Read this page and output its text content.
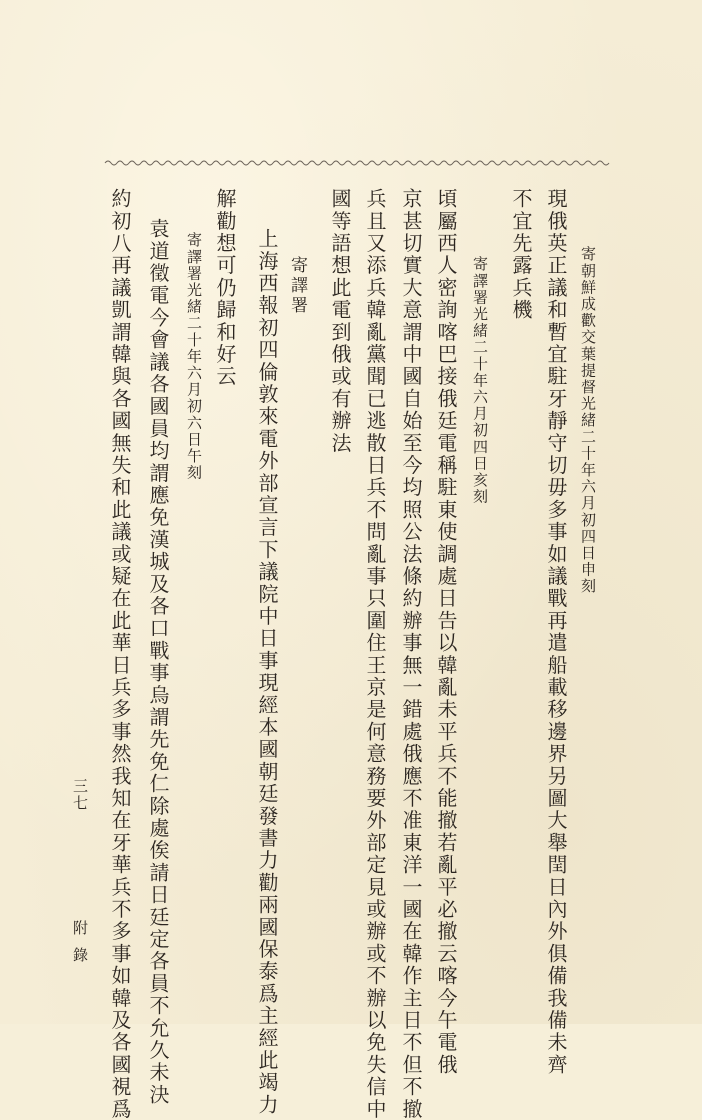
寄朝鮮成歡交葉提督光緒二十年六月初四日申刻
現俄英正議和暫宜駐牙靜守切毋多事如議戰再遣船載移邊界另圖大舉閏日內外俱備我備未齊
不宜先露兵機
寄譯署光緒二十年六月初四日亥刻
頃屬西人密詢喀巴接俄廷電稱駐東使調處日告以韓亂未平兵不能撤若亂平必撤云喀今午電俄
京甚切實大意謂中國自始至今均照公法條約辦事無一錯處俄應不准東洋一國在韓作主日不但不撤
兵且又添兵韓亂黨聞已逃散日兵不問亂事只圍住王京是何意務要外部定見或辦或不辦以免失信中
國等語想此電到俄或有辦法
寄譯署
上海西報初四倫敦來電外部宣言下議院中日事現經本國朝廷發書力勸兩國保泰爲主經此竭力
解勸想可仍歸和好云
寄譯署光緒二十年六月初六日午刻
袁道徵電今會議各國員均謂應免漢城及各口戰事烏謂先免仁除處俟請日廷定各員不允久未決
約初八再議凱謂韓與各國無失和此議或疑在此華日兵多事然我知在牙華兵不多事如韓及各國視爲
附錄
三七
